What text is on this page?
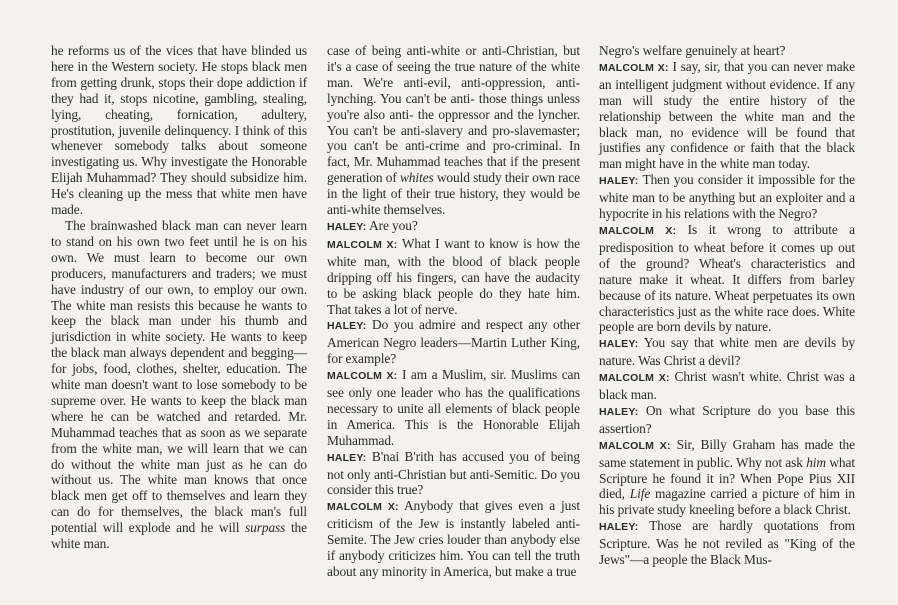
he reforms us of the vices that have blinded us here in the Western society. He stops black men from getting drunk, stops their dope addiction if they had it, stops nicotine, gambling, stealing, lying, cheating, fornication, adultery, prostitution, juvenile delinquency. I think of this whenever somebody talks about someone investigating us. Why investigate the Honorable Elijah Muhammad? They should subsidize him. He's cleaning up the mess that white men have made.

The brainwashed black man can never learn to stand on his own two feet until he is on his own. We must learn to become our own producers, manufacturers and traders; we must have industry of our own, to employ our own. The white man resists this because he wants to keep the black man under his thumb and jurisdiction in white society. He wants to keep the black man always dependent and begging—for jobs, food, clothes, shelter, education. The white man doesn't want to lose somebody to be supreme over. He wants to keep the black man where he can be watched and retarded. Mr. Muhammad teaches that as soon as we separate from the white man, we will learn that we can do without the white man just as he can do without us. The white man knows that once black men get off to themselves and learn they can do for themselves, the black man's full potential will explode and he will surpass the white man.

case of being anti-white or anti-Christian, but it's a case of seeing the true nature of the white man. We're anti-evil, anti-oppression, anti-lynching. You can't be anti- those things unless you're also anti- the oppressor and the lyncher. You can't be anti-slavery and pro-slavemaster; you can't be anti-crime and pro-criminal. In fact, Mr. Muhammad teaches that if the present generation of whites would study their own race in the light of their true history, they would be anti-white themselves.

HALEY: Are you?

MALCOLM X: What I want to know is how the white man, with the blood of black people dripping off his fingers, can have the audacity to be asking black people do they hate him. That takes a lot of nerve.

HALEY: Do you admire and respect any other American Negro leaders—Martin Luther King, for example?

MALCOLM X: I am a Muslim, sir. Muslims can see only one leader who has the qualifications necessary to unite all elements of black people in America. This is the Honorable Elijah Muhammad.

HALEY: B'nai B'rith has accused you of being not only anti-Christian but anti-Semitic. Do you consider this true?

MALCOLM X: Anybody that gives even a just criticism of the Jew is instantly labeled anti-Semite. The Jew cries louder than anybody else if anybody criticizes him. You can tell the truth about any minority in America, but make a true

Negro's welfare genuinely at heart?

MALCOLM X: I say, sir, that you can never make an intelligent judgment without evidence. If any man will study the entire history of the relationship between the white man and the black man, no evidence will be found that justifies any confidence or faith that the black man might have in the white man today.

HALEY: Then you consider it impossible for the white man to be anything but an exploiter and a hypocrite in his relations with the Negro?

MALCOLM X: Is it wrong to attribute a predisposition to wheat before it comes up out of the ground? Wheat's characteristics and nature make it wheat. It differs from barley because of its nature. Wheat perpetuates its own characteristics just as the white race does. White people are born devils by nature.

HALEY: You say that white men are devils by nature. Was Christ a devil?

MALCOLM X: Christ wasn't white. Christ was a black man.

HALEY: On what Scripture do you base this assertion?

MALCOLM X: Sir, Billy Graham has made the same statement in public. Why not ask him what Scripture he found it in? When Pope Pius XII died, Life magazine carried a picture of him in his private study kneeling before a black Christ.

HALEY: Those are hardly quotations from Scripture. Was he not reviled as "King of the Jews"—a people the Black Mus-
